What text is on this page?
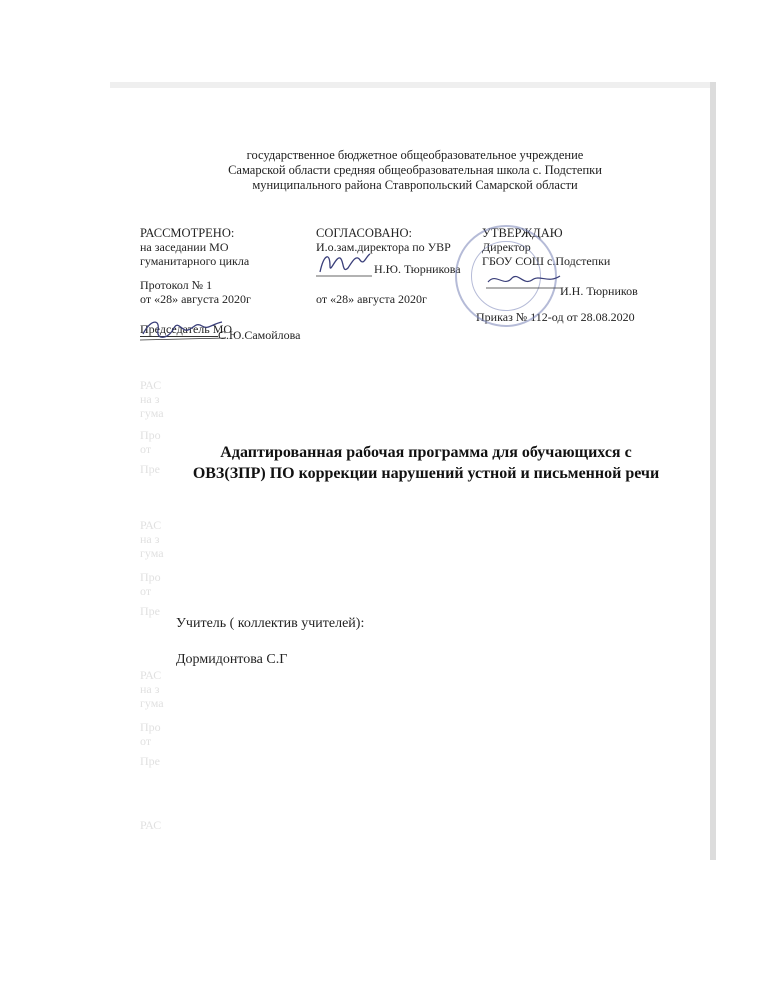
РАС
на з
гума
Про
от
Пре
РАС
на з
гума
Про
от
Пре
РАС
на з
гума
Про
от
Пре
РАС
государственное бюджетное общеобразовательное учреждение
Самарской области средняя общеобразовательная школа с. Подстепки
муниципального района Ставропольский Самарской области
РАССМОТРЕНО:
на заседании МО
гуманитарного цикла
Протокол № 1
от «28» августа 2020г
Председатель МО
С.Ю.Самойлова
СОГЛАСОВАНО:
И.о.зам.директора по УВР
Н.Ю. Тюрникова
от «28» августа 2020г
УТВЕРЖДАЮ
Директор
ГБОУ СОШ с.Подстепки
И.Н. Тюрников
Приказ № 112-од от 28.08.2020
Адаптированная рабочая программа для обучающихся с
ОВЗ(ЗПР) ПО коррекции нарушений устной и письменной речи
Учитель ( коллектив учителей):
Дормидонтова С.Г
